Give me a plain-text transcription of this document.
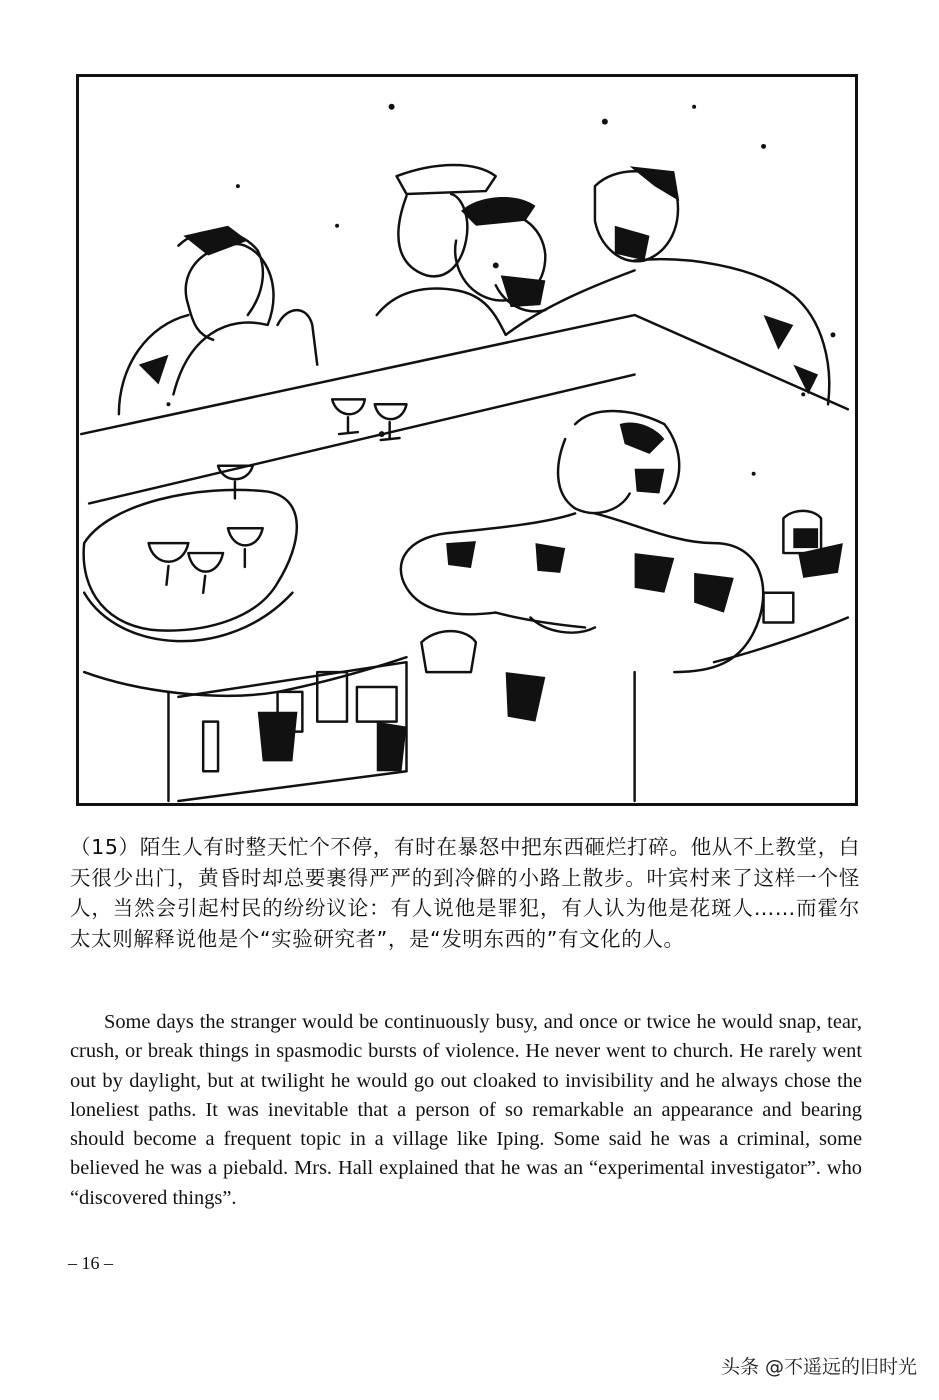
（15）陌生人有时整天忙个不停，有时在暴怒中把东西砸烂打碎。他从不上教堂，白天很少出门，黄昏时却总要裹得严严的到冷僻的小路上散步。叶宾村来了这样一个怪人，当然会引起村民的纷纷议论：有人说他是罪犯，有人认为他是花斑人……而霍尔太太则解释说他是个“实验研究者”，是“发明东西的”有文化的人。

Some days the stranger would be continuously busy, and once or twice he would snap, tear, crush, or break things in spasmodic bursts of violence. He never went to church. He rarely went out by daylight, but at twilight he would go out cloaked to invisibility and he always chose the loneliest paths. It was inevitable that a person of so remarkable an appearance and bearing should become a frequent topic in a village like Iping. Some said he was a criminal, some believed he was a piebald. Mrs. Hall explained that he was an “experimental investigator”. who “discovered things”.

– 16 –
头条 @不遥远的旧时光
